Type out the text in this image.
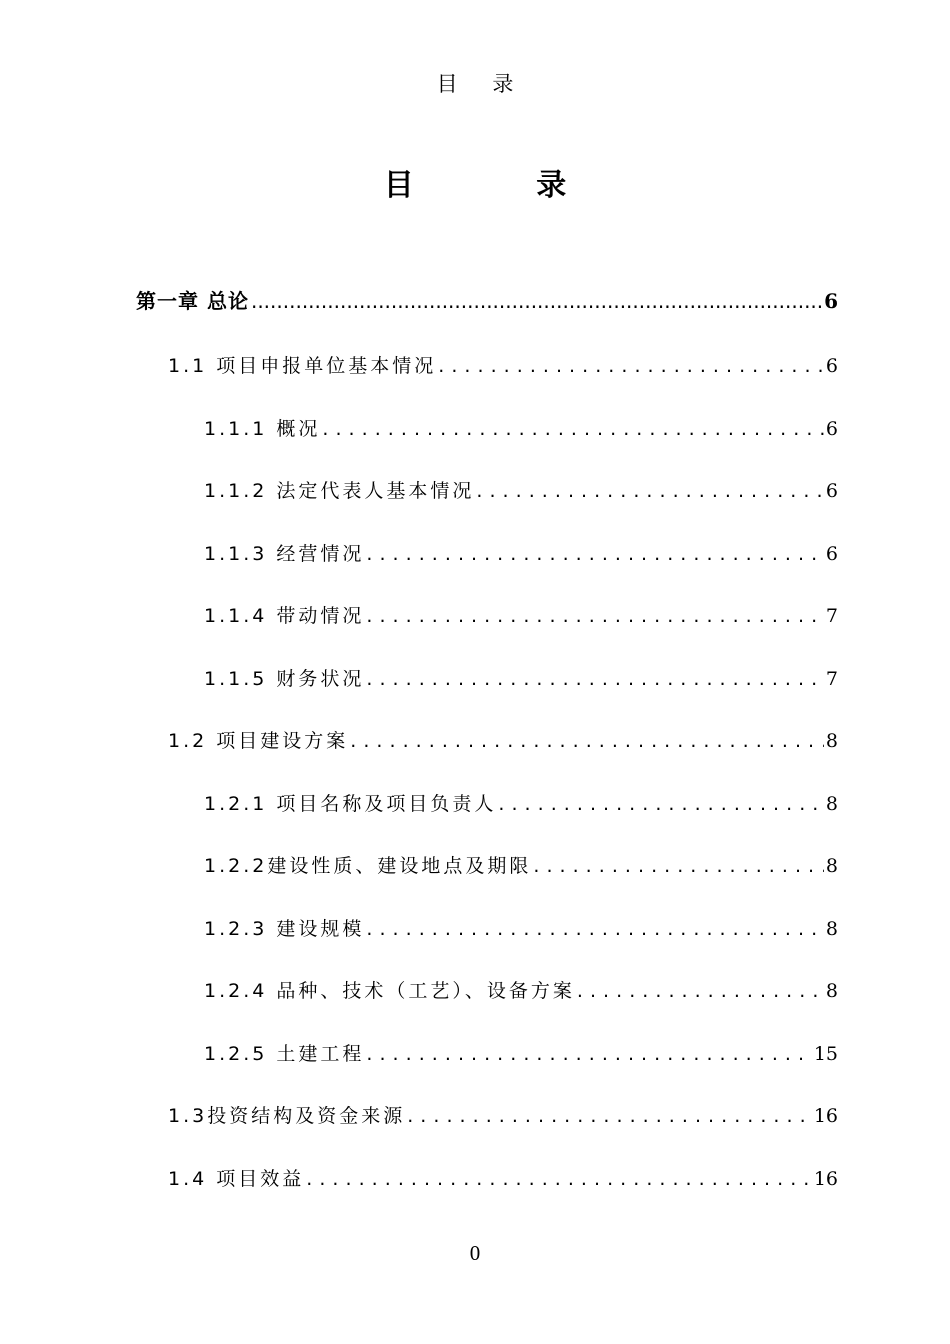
目 录
目 录
第一章 总论 .....	6
1.1 项目申报单位基本情况 . . .	6
1.1.1 概况 . . .	6
1.1.2 法定代表人基本情况 . . .	6
1.1.3 经营情况 . . .	6
1.1.4 带动情况 . . .	7
1.1.5 财务状况 . . .	7
1.2 项目建设方案 . . .	8
1.2.1 项目名称及项目负责人 . . .	8
1.2.2建设性质、建设地点及期限 . . .	8
1.2.3 建设规模 . . .	8
1.2.4 品种、技术（工艺）、设备方案 . . .	8
1.2.5 土建工程 . . .	15
1.3投资结构及资金来源 . . .	16
1.4 项目效益 . . .	16
0
